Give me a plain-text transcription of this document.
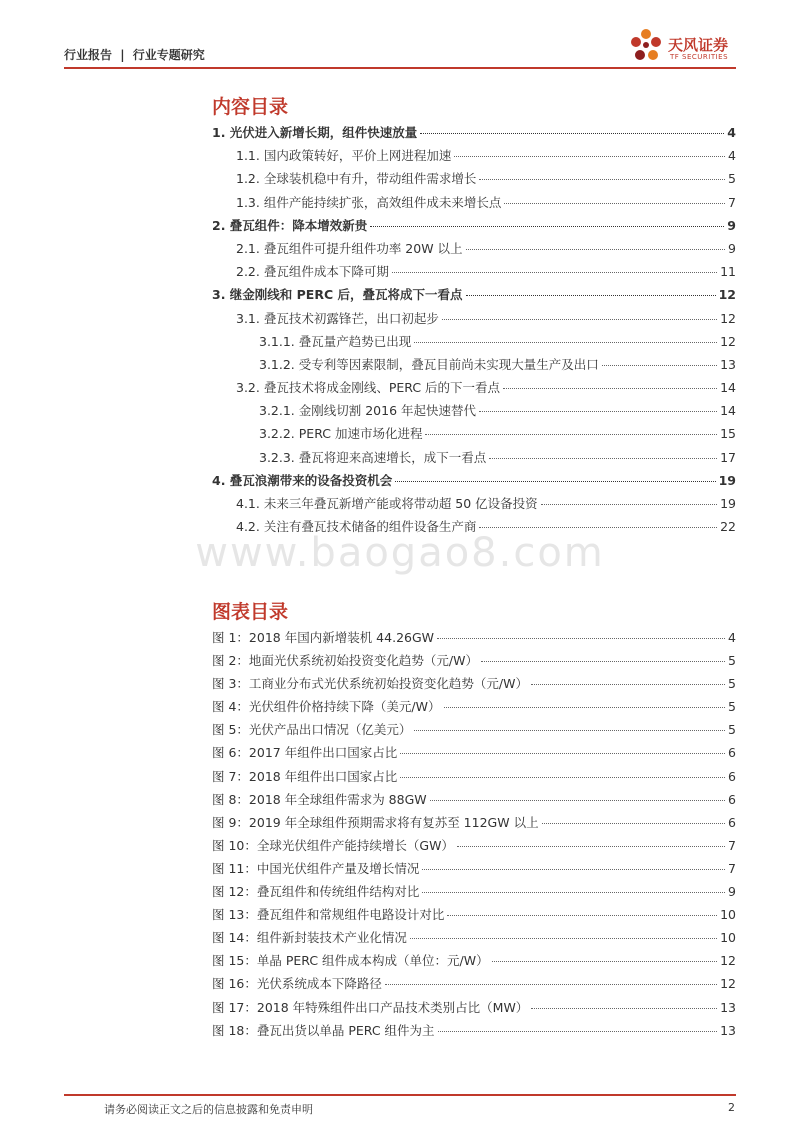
行业报告 | 行业专题研究
天风证券
TF SECURITIES
内容目录
1. 光伏进入新增长期，组件快速放量	4
1.1. 国内政策转好，平价上网进程加速	4
1.2. 全球装机稳中有升，带动组件需求增长	5
1.3. 组件产能持续扩张，高效组件成未来增长点	7
2. 叠瓦组件：降本增效新贵	9
2.1. 叠瓦组件可提升组件功率 20W 以上	9
2.2. 叠瓦组件成本下降可期	11
3. 继金刚线和 PERC 后，叠瓦将成下一看点	12
3.1. 叠瓦技术初露锋芒，出口初起步	12
3.1.1. 叠瓦量产趋势已出现	12
3.1.2. 受专利等因素限制，叠瓦目前尚未实现大量生产及出口	13
3.2. 叠瓦技术将成金刚线、PERC 后的下一看点	14
3.2.1. 金刚线切割 2016 年起快速替代	14
3.2.2. PERC 加速市场化进程	15
3.2.3. 叠瓦将迎来高速增长，成下一看点	17
4. 叠瓦浪潮带来的设备投资机会	19
4.1. 未来三年叠瓦新增产能或将带动超 50 亿设备投资	19
4.2. 关注有叠瓦技术储备的组件设备生产商	22
www.baogao8.com
图表目录
图 1：2018 年国内新增装机 44.26GW	4
图 2：地面光伏系统初始投资变化趋势（元/W）	5
图 3：工商业分布式光伏系统初始投资变化趋势（元/W）	5
图 4：光伏组件价格持续下降（美元/W）	5
图 5：光伏产品出口情况（亿美元）	5
图 6：2017 年组件出口国家占比	6
图 7：2018 年组件出口国家占比	6
图 8：2018 年全球组件需求为 88GW	6
图 9：2019 年全球组件预期需求将有复苏至 112GW 以上	6
图 10：全球光伏组件产能持续增长（GW）	7
图 11：中国光伏组件产量及增长情况	7
图 12：叠瓦组件和传统组件结构对比	9
图 13：叠瓦组件和常规组件电路设计对比	10
图 14：组件新封装技术产业化情况	10
图 15：单晶 PERC 组件成本构成（单位：元/W）	12
图 16：光伏系统成本下降路径	12
图 17：2018 年特殊组件出口产品技术类别占比（MW）	13
图 18：叠瓦出货以单晶 PERC 组件为主	13
请务必阅读正文之后的信息披露和免责申明	2
